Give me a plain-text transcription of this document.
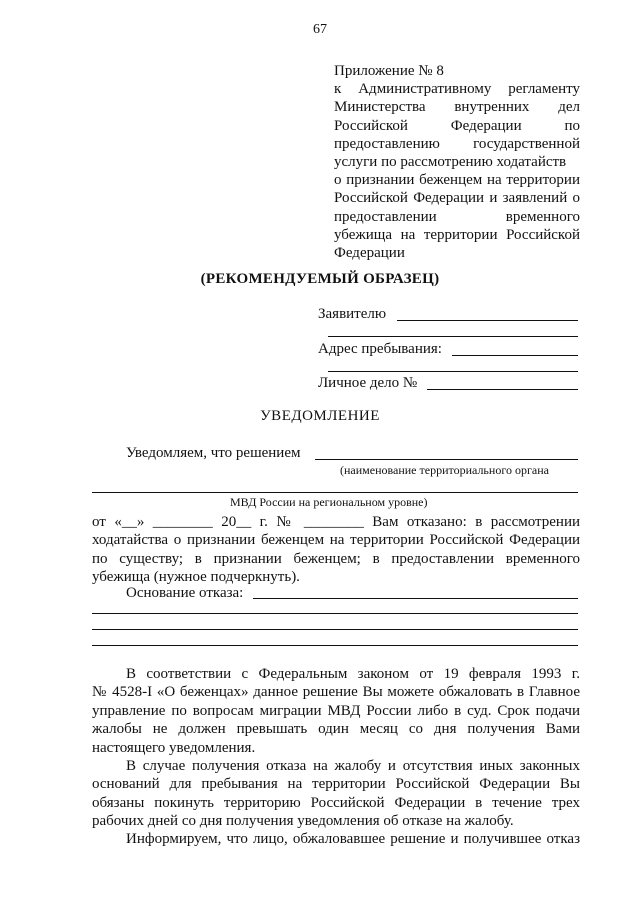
67
Приложение № 8
к Административному регламенту
Министерства внутренних дел
Российской Федерации по
предоставлению государственной
услуги по рассмотрению ходатайств
о признании беженцем на территории
Российской Федерации и заявлений о
предоставлении временного
убежища на территории Российской
Федерации
(РЕКОМЕНДУЕМЫЙ ОБРАЗЕЦ)
Заявителю
Адрес пребывания:
Личное дело №
УВЕДОМЛЕНИЕ
Уведомляем, что решением
(наименование территориального органа
МВД России на региональном уровне)
от «__» ________ 20__ г. № ________ Вам отказано: в рассмотрении
ходатайства о признании беженцем на территории Российской Федерации
по существу; в признании беженцем; в предоставлении временного
убежища (нужное подчеркнуть).
Основание отказа:
В соответствии с Федеральным законом от 19 февраля 1993 г.
№ 4528-I «О беженцах» данное решение Вы можете обжаловать в Главное
управление по вопросам миграции МВД России либо в суд. Срок подачи
жалобы не должен превышать один месяц со дня получения Вами
настоящего уведомления.
В случае получения отказа на жалобу и отсутствия иных законных
оснований для пребывания на территории Российской Федерации Вы
обязаны покинуть территорию Российской Федерации в течение трех
рабочих дней со дня получения уведомления об отказе на жалобу.
Информируем, что лицо, обжаловавшее решение и получившее отказ
